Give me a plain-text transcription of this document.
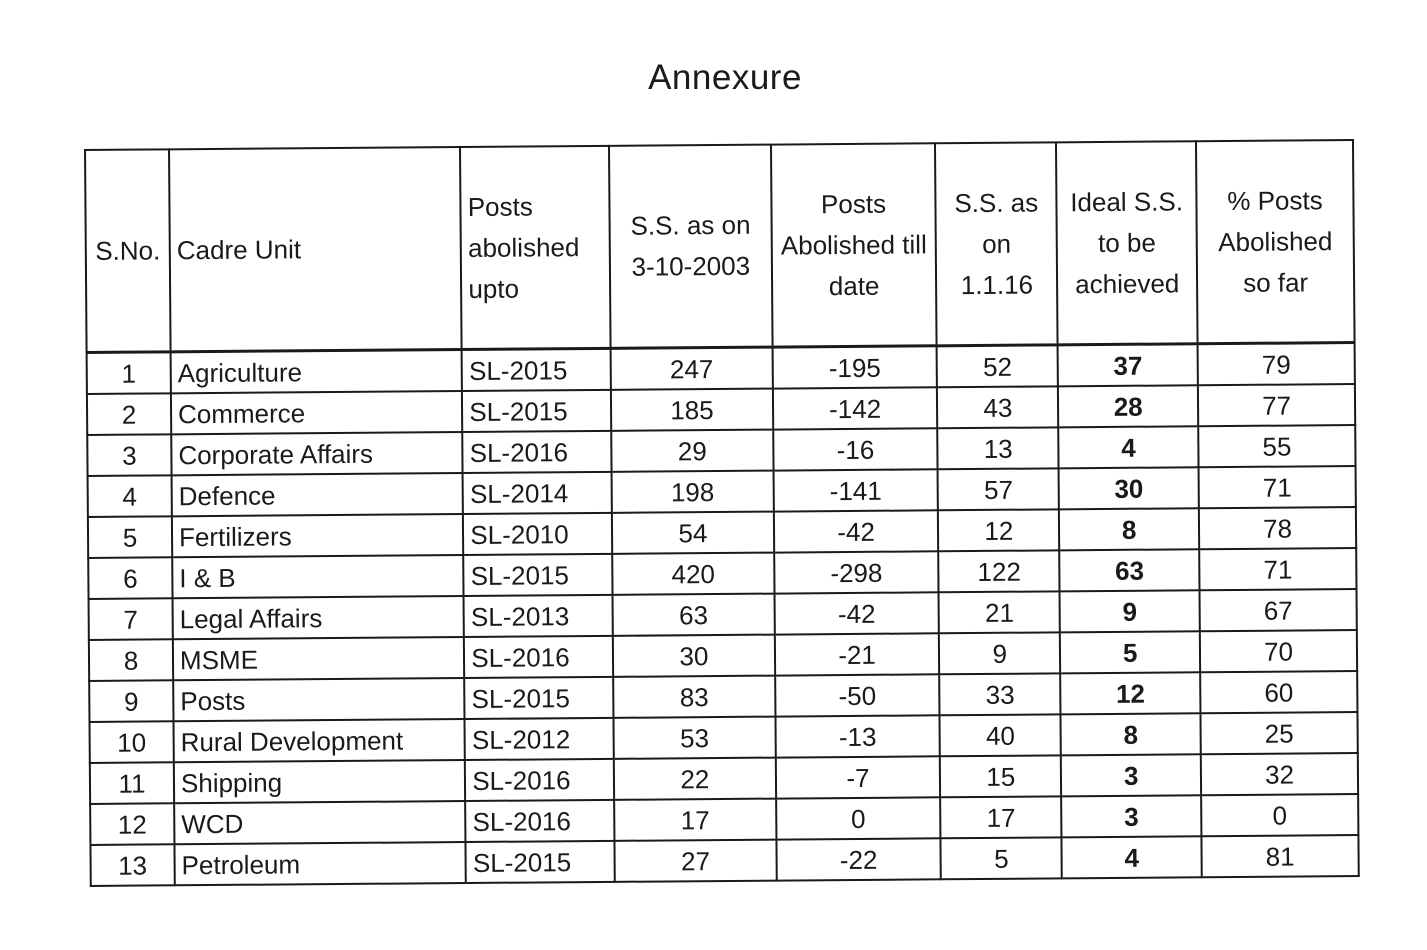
Annexure
S.No.	Cadre Unit	Posts abolished upto	S.S. as on 3-10-2003	Posts Abolished till date	S.S. as on 1.1.16	Ideal S.S. to be achieved	% Posts Abolished so far
1	Agriculture	SL-2015	247	-195	52	37	79
2	Commerce	SL-2015	185	-142	43	28	77
3	Corporate Affairs	SL-2016	29	-16	13	4	55
4	Defence	SL-2014	198	-141	57	30	71
5	Fertilizers	SL-2010	54	-42	12	8	78
6	I & B	SL-2015	420	-298	122	63	71
7	Legal Affairs	SL-2013	63	-42	21	9	67
8	MSME	SL-2016	30	-21	9	5	70
9	Posts	SL-2015	83	-50	33	12	60
10	Rural Development	SL-2012	53	-13	40	8	25
11	Shipping	SL-2016	22	-7	15	3	32
12	WCD	SL-2016	17	0	17	3	0
13	Petroleum	SL-2015	27	-22	5	4	81
